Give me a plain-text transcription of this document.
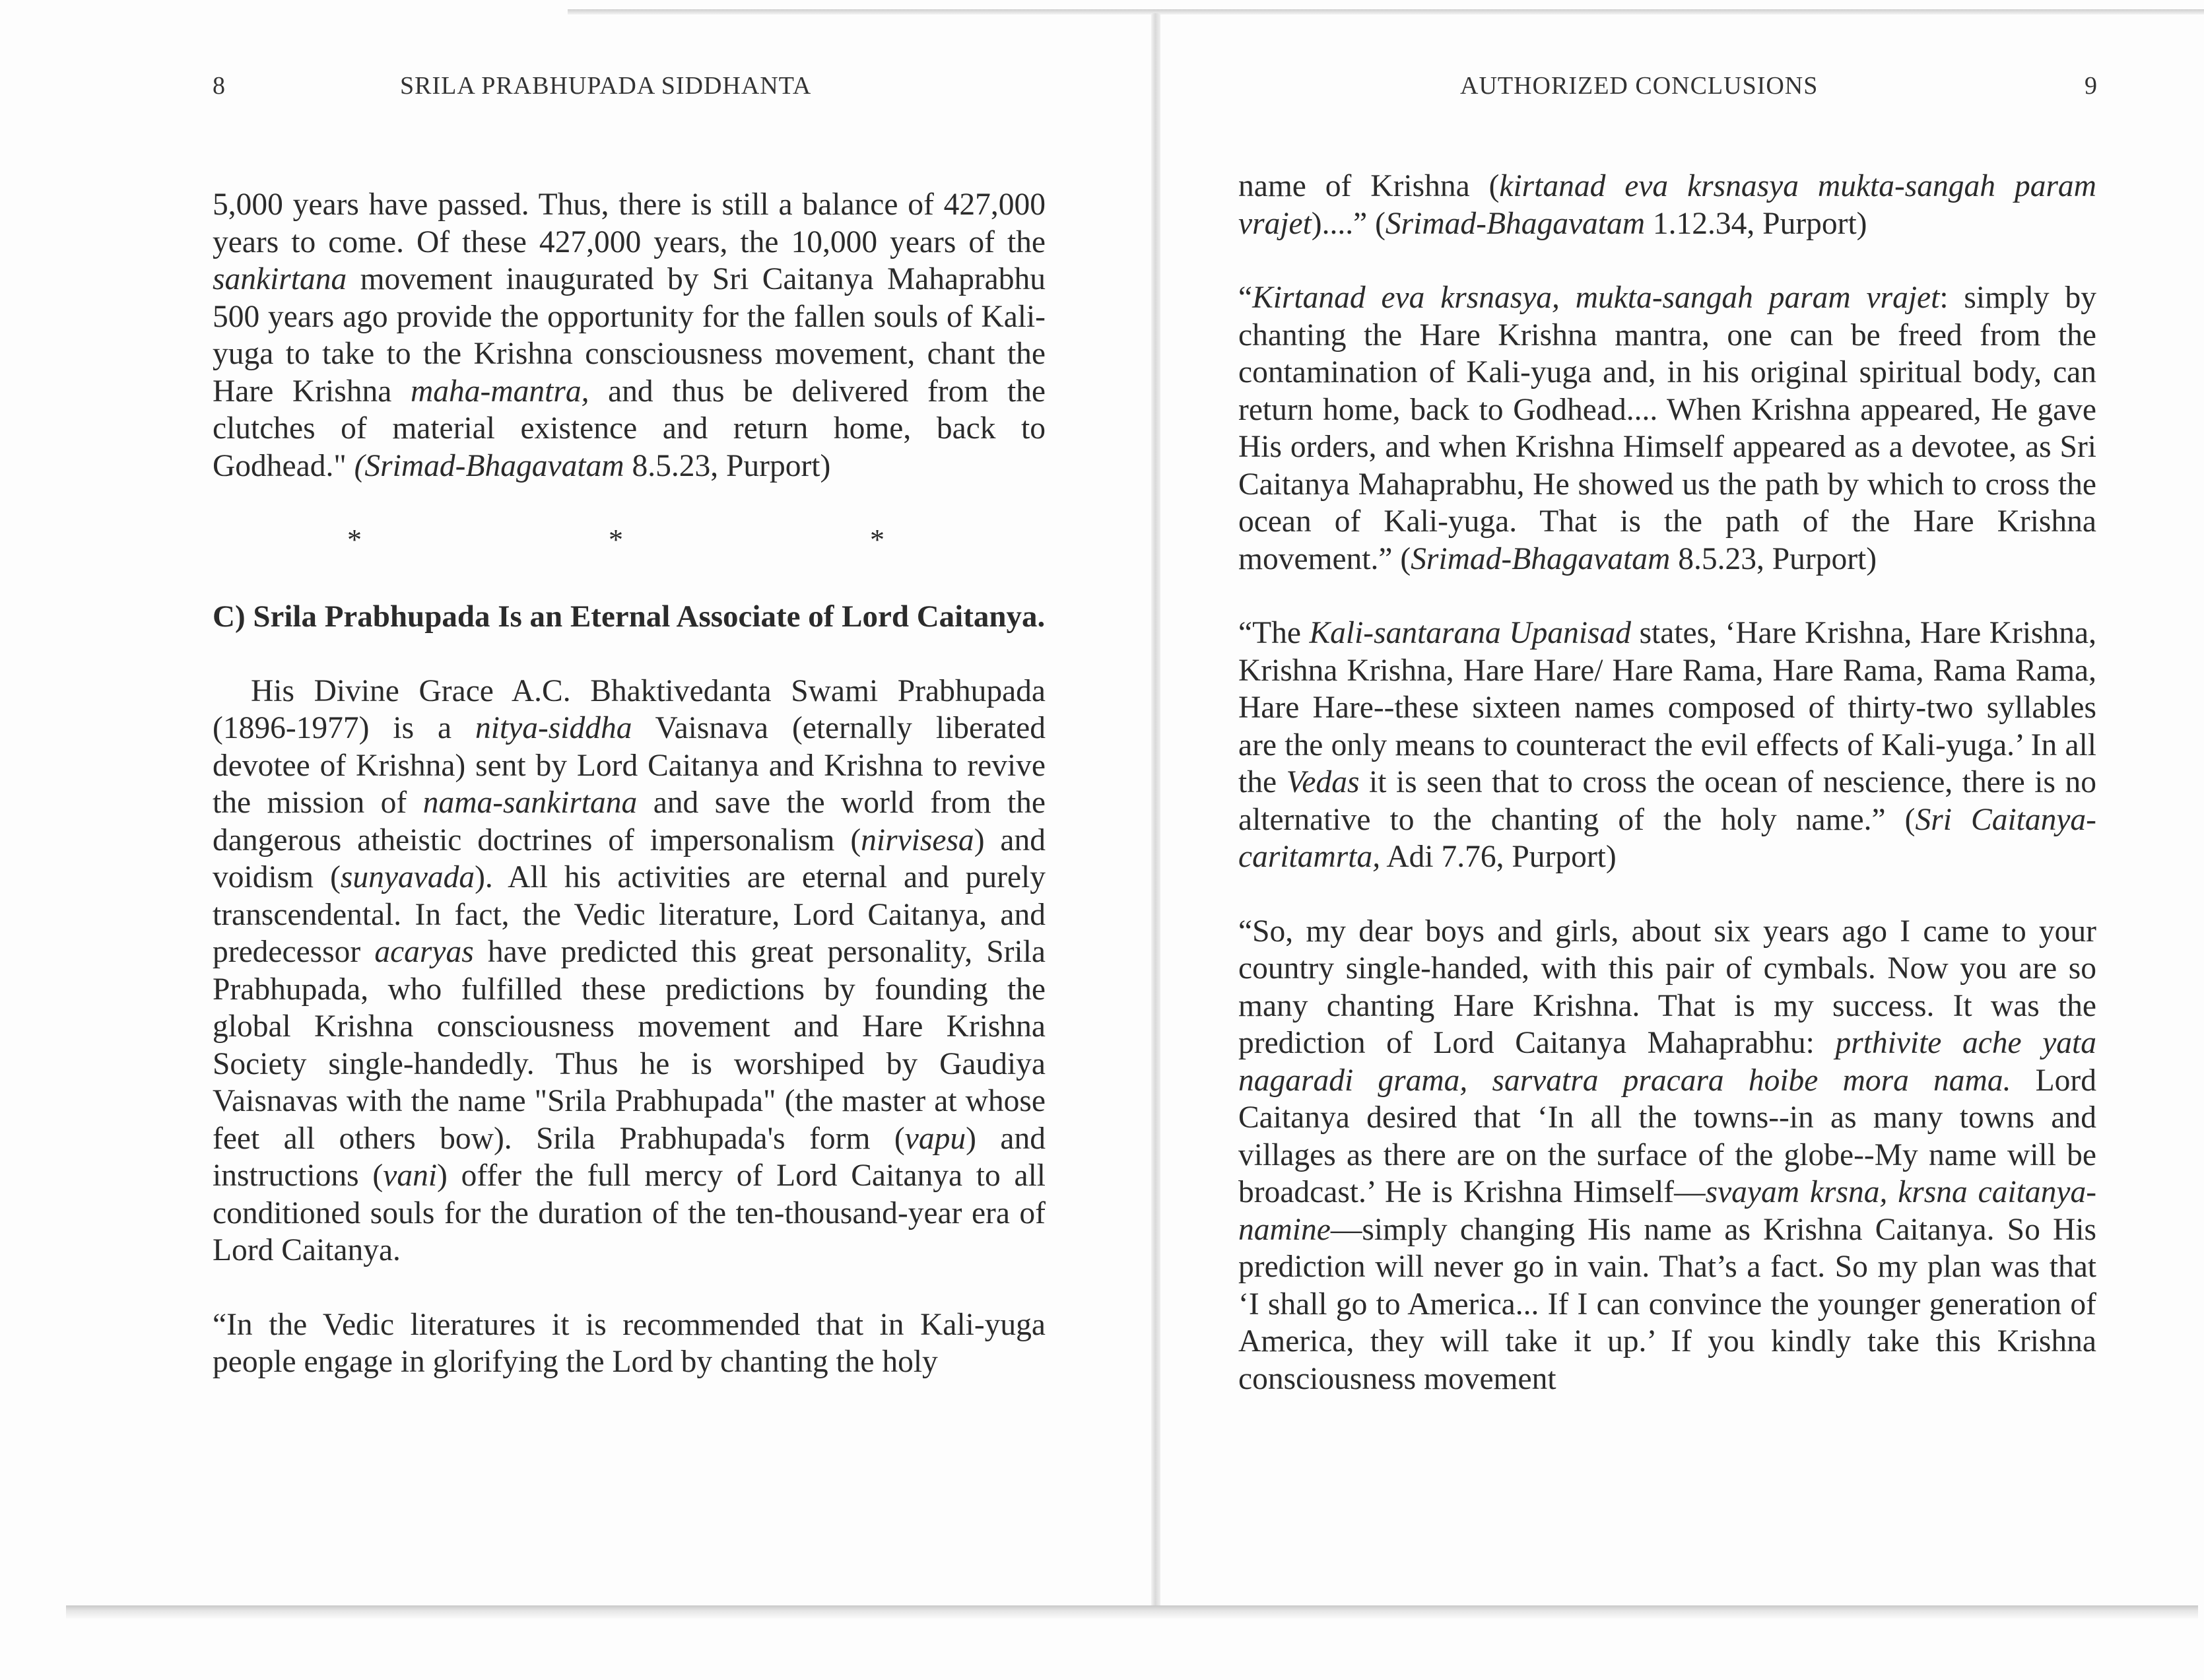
8	SRILA PRABHUPADA SIDDHANTA

5,000 years have passed. Thus, there is still a balance of 427,000 years to come. Of these 427,000 years, the 10,000 years of the sankirtana movement inaugurated by Sri Caitanya Mahaprabhu 500 years ago provide the opportunity for the fallen souls of Kali-yuga to take to the Krishna consciousness movement, chant the Hare Krishna maha-mantra, and thus be delivered from the clutches of material existence and return home, back to Godhead." (Srimad-Bhagavatam 8.5.23, Purport)

*	*	*

C) Srila Prabhupada Is an Eternal Associate of Lord Caitanya.

His Divine Grace A.C. Bhaktivedanta Swami Prabhupada (1896-1977) is a nitya-siddha Vaisnava (eternally liberated devotee of Krishna) sent by Lord Caitanya and Krishna to revive the mission of nama-sankirtana and save the world from the dangerous atheistic doctrines of impersonalism (nirvisesa) and voidism (sunyavada). All his activities are eternal and purely transcendental. In fact, the Vedic literature, Lord Caitanya, and predecessor acaryas have predicted this great personality, Srila Prabhupada, who fulfilled these predictions by founding the global Krishna consciousness movement and Hare Krishna Society single-handedly. Thus he is worshiped by Gaudiya Vaisnavas with the name "Srila Prabhupada" (the master at whose feet all others bow). Srila Prabhupada's form (vapu) and instructions (vani) offer the full mercy of Lord Caitanya to all conditioned souls for the duration of the ten-thousand-year era of Lord Caitanya.

“In the Vedic literatures it is recommended that in Kali-yuga people engage in glorifying the Lord by chanting the holy

AUTHORIZED CONCLUSIONS	9

name of Krishna (kirtanad eva krsnasya mukta-sangah param vrajet)....” (Srimad-Bhagavatam 1.12.34, Purport)

“Kirtanad eva krsnasya, mukta-sangah param vrajet: simply by chanting the Hare Krishna mantra, one can be freed from the contamination of Kali-yuga and, in his original spiritual body, can return home, back to Godhead.... When Krishna appeared, He gave His orders, and when Krishna Himself appeared as a devotee, as Sri Caitanya Mahaprabhu, He showed us the path by which to cross the ocean of Kali-yuga. That is the path of the Hare Krishna movement.” (Srimad-Bhagavatam 8.5.23, Purport)

“The Kali-santarana Upanisad states, ‘Hare Krishna, Hare Krishna, Krishna Krishna, Hare Hare/ Hare Rama, Hare Rama, Rama Rama, Hare Hare--these sixteen names composed of thirty-two syllables are the only means to counteract the evil effects of Kali-yuga.’ In all the Vedas it is seen that to cross the ocean of nescience, there is no alternative to the chanting of the holy name.” (Sri Caitanya-caritamrta, Adi 7.76, Purport)

“So, my dear boys and girls, about six years ago I came to your country single-handed, with this pair of cymbals. Now you are so many chanting Hare Krishna. That is my success. It was the prediction of Lord Caitanya Mahaprabhu: prthivite ache yata nagaradi grama, sarvatra pracara hoibe mora nama. Lord Caitanya desired that ‘In all the towns--in as many towns and villages as there are on the surface of the globe--My name will be broadcast.’ He is Krishna Himself—svayam krsna, krsna caitanya-namine—simply changing His name as Krishna Caitanya. So His prediction will never go in vain. That’s a fact. So my plan was that ‘I shall go to America... If I can convince the younger generation of America, they will take it up.’ If you kindly take this Krishna consciousness movement
